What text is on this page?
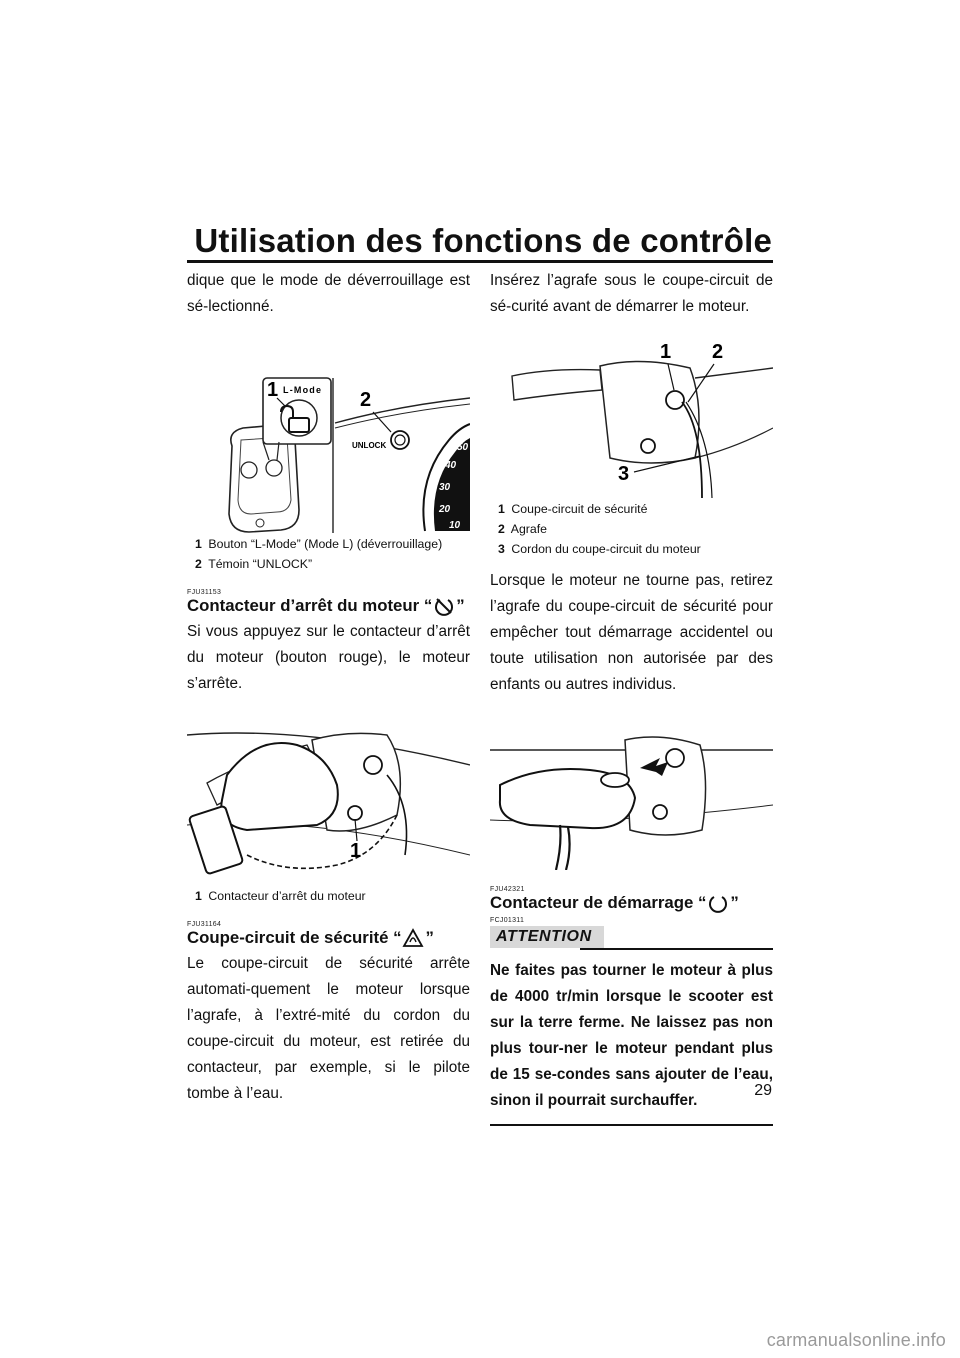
Utilisation des fonctions de contrôle

dique que le mode de déverrouillage est sé-lectionné.

L-Mode
1
UNLOCK
2
50
40
30
20
10
1 Bouton “L-Mode” (Mode L) (déverrouillage)
2 Témoin “UNLOCK”
FJU31153
Contacteur d’arrêt du moteur “ ”

Si vous appuyez sur le contacteur d’arrêt du moteur (bouton rouge), le moteur s’arrête.

1
1 Contacteur d’arrêt du moteur
FJU31164
Coupe-circuit de sécurité “ ”

Le coupe-circuit de sécurité arrête automati-quement le moteur lorsque l’agrafe, à l’extré-mité du cordon du coupe-circuit du moteur, est retirée du contacteur, par exemple, si le pilote tombe à l’eau.

Insérez l’agrafe sous le coupe-circuit de sé-curité avant de démarrer le moteur.

1 2
3
1 Coupe-circuit de sécurité
2 Agrafe
3 Cordon du coupe-circuit du moteur

Lorsque le moteur ne tourne pas, retirez l’agrafe du coupe-circuit de sécurité pour empêcher tout démarrage accidentel ou toute utilisation non autorisée par des enfants ou autres individus.

FJU42321
Contacteur de démarrage “ ”
FCJ01311
ATTENTION

Ne faites pas tourner le moteur à plus de 4000 tr/min lorsque le scooter est sur la terre ferme. Ne laissez pas non plus tour-ner le moteur pendant plus de 15 se-condes sans ajouter de l’eau, sinon il pourrait surchauffer.

29
carmanualsonline.info
